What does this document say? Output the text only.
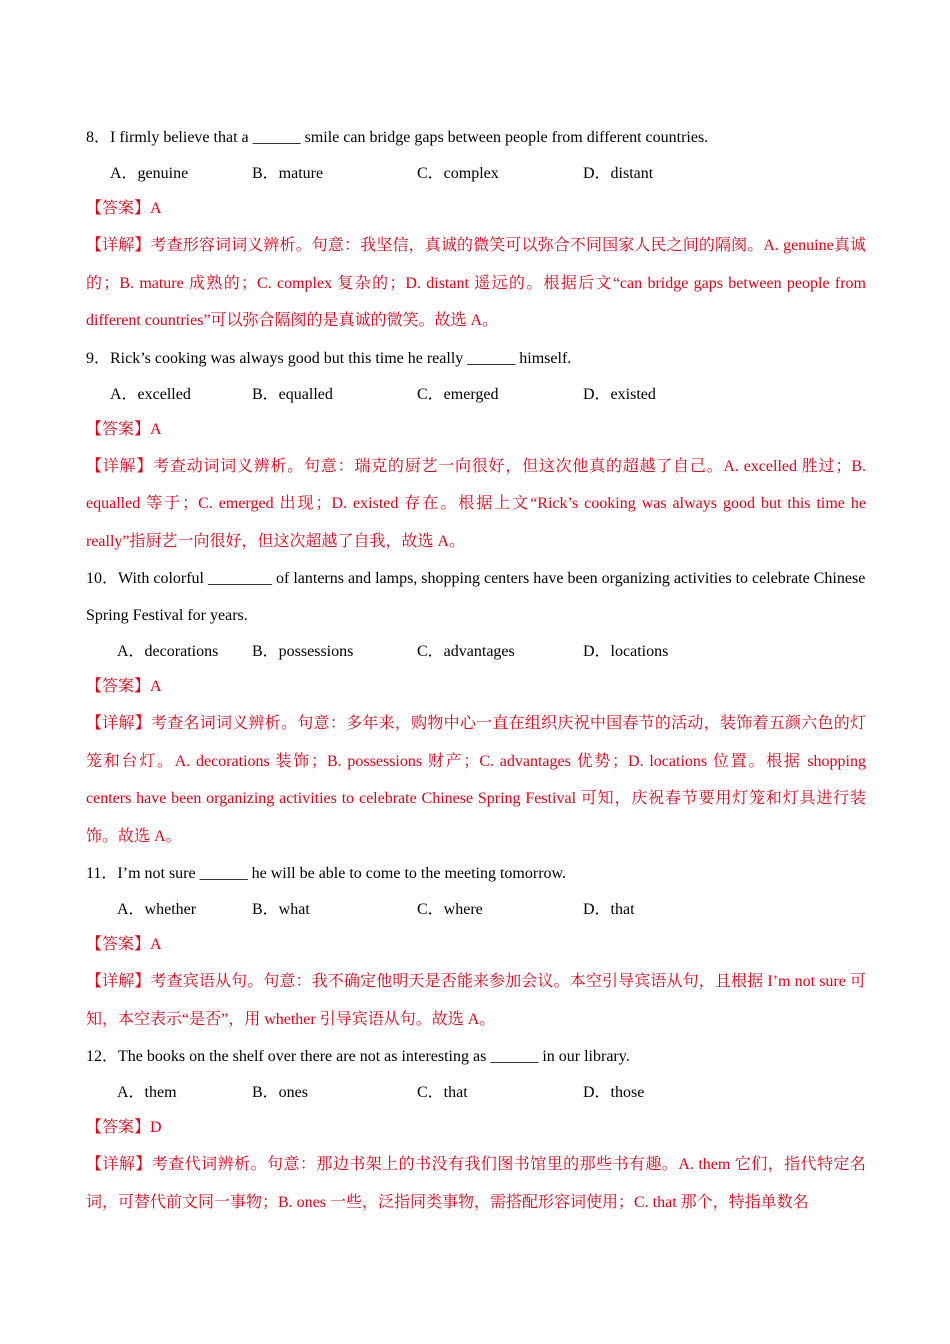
8．I firmly believe that a ______ smile can bridge gaps between people from different countries.

A．genuine	B．mature	C．complex	D．distant

【答案】A

【详解】考查形容词词义辨析。句意：我坚信，真诚的微笑可以弥合不同国家人民之间的隔阂。A. genuine真诚的；B. mature 成熟的；C. complex 复杂的；D. distant 遥远的。根据后文“can bridge gaps between people from different countries”可以弥合隔阂的是真诚的微笑。故选 A。

9．Rick’s cooking was always good but this time he really ______ himself.

A．excelled	B．equalled	C．emerged	D．existed

【答案】A

【详解】考查动词词义辨析。句意：瑞克的厨艺一向很好，但这次他真的超越了自己。A. excelled 胜过；B. equalled 等于；C. emerged 出现；D. existed 存在。根据上文“Rick’s cooking was always good but this time he really”指厨艺一向很好，但这次超越了自我，故选 A。

10．With colorful ________ of lanterns and lamps, shopping centers have been organizing activities to celebrate Chinese Spring Festival for years.

A．decorations B．possessions	C．advantages	D．locations

【答案】A

【详解】考查名词词义辨析。句意：多年来，购物中心一直在组织庆祝中国春节的活动，装饰着五颜六色的灯笼和台灯。A. decorations 装饰；B. possessions 财产；C. advantages 优势；D. locations 位置。根据 shopping centers have been organizing activities to celebrate Chinese Spring Festival 可知，庆祝春节要用灯笼和灯具进行装饰。故选 A。

11．I’m not sure ______ he will be able to come to the meeting tomorrow.

A．whether	B．what	C．where	D．that

【答案】A

【详解】考查宾语从句。句意：我不确定他明天是否能来参加会议。本空引导宾语从句，且根据 I’m not sure 可知，本空表示“是否”，用 whether 引导宾语从句。故选 A。

12．The books on the shelf over there are not as interesting as ______ in our library.

A．them	B．ones	C．that	D．those

【答案】D

【详解】考查代词辨析。句意：那边书架上的书没有我们图书馆里的那些书有趣。A. them 它们，指代特定名词，可替代前文同一事物；B. ones 一些，泛指同类事物，需搭配形容词使用；C. that 那个，特指单数名
